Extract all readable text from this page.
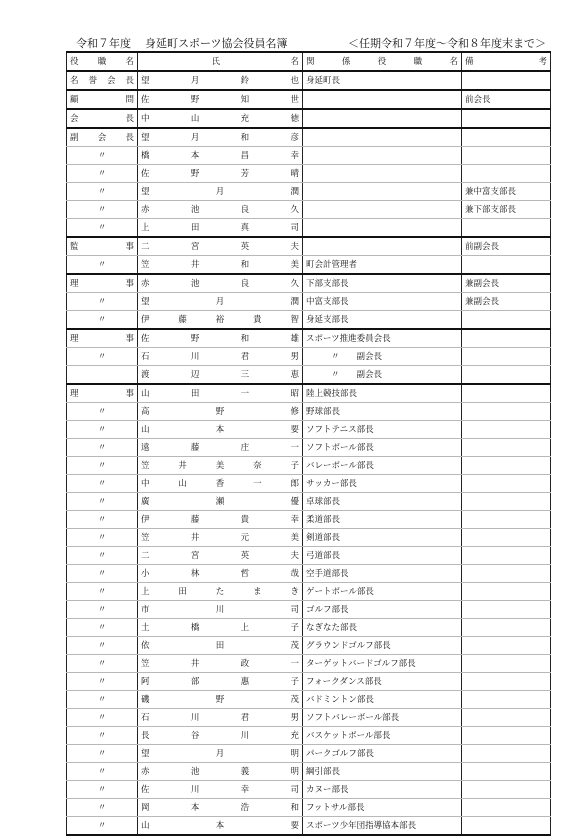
令和７年度 身延町スポーツ協会役員名簿	＜任期令和７年度～令和８年度末まで＞
役職名	氏 名	関係役職名	備考
名誉会長	望月鈴也	身延町長	
顧問	佐野知世		前会長
会長	中山充徳		
副会長	望月和彦		
〃	橋本昌幸		
〃	佐野芳晴		
〃	望月潤		兼中富支部長
〃	赤池良久		兼下部支部長
〃	上田真司		
監事	二宮英夫		前副会長
〃	笠井和美	町会計管理者	
理事	赤池良久	下部支部長	兼副会長
〃	望月潤	中富支部長	兼副会長
〃	伊藤裕貴智	身延支部長	
理事	佐野和雄	スポーツ推進委員会長	
〃	石川君男	〃　　副会長	
	渡辺三恵	〃　　副会長	
理事	山田一昭	陸上競技部長	
〃	高野修	野球部長	
〃	山本要	ソフトテニス部長	
〃	遠藤庄一	ソフトボール部長	
〃	笠井美奈子	バレーボール部長	
〃	中山香一郎	サッカー部長	
〃	廣瀬優	卓球部長	
〃	伊藤貴幸	柔道部長	
〃	笠井元美	剣道部長	
〃	二宮英夫	弓道部長	
〃	小林哲哉	空手道部長	
〃	上田たまき	ゲートボール部長	
〃	市川司	ゴルフ部長	
〃	土橋上子	なぎなた部長	
〃	依田茂	グラウンドゴルフ部長	
〃	笠井政一	ターゲットバードゴルフ部長	
〃	阿部惠子	フォークダンス部長	
〃	磯野茂	バドミントン部長	
〃	石川君男	ソフトバレーボール部長	
〃	長谷川充	バスケットボール部長	
〃	望月明	パークゴルフ部長	
〃	赤池義明	綱引部長	
〃	佐川幸司	カヌー部長	
〃	岡本浩和	フットサル部長	
〃	山本要	スポーツ少年団指導協本部長	
